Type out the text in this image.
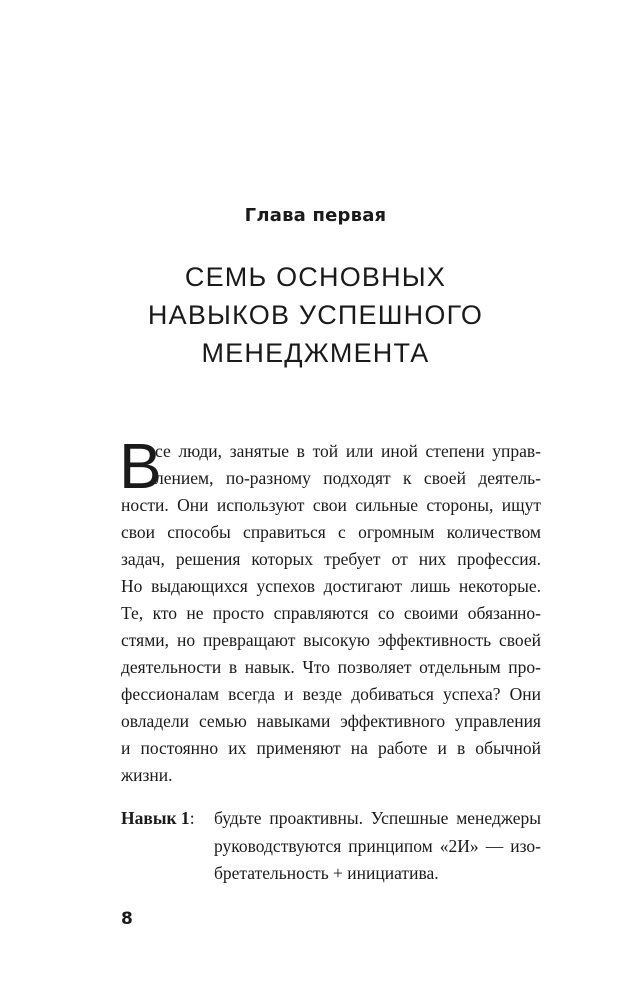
Глава первая
СЕМЬ ОСНОВНЫХ
НАВЫКОВ УСПЕШНОГО
МЕНЕДЖМЕНТА
В
се люди, занятые в той или иной степени управ-
лением, по-разному подходят к своей деятель-
ности. Они используют свои сильные стороны, ищут
свои способы справиться с огромным количеством
задач, решения которых требует от них профессия.
Но выдающихся успехов достигают лишь некоторые.
Те, кто не просто справляются со своими обязанно-
стями, но превращают высокую эффективность своей
деятельности в навык. Что позволяет отдельным про-
фессионалам всегда и везде добиваться успеха? Они
овладели семью навыками эффективного управления
и постоянно их применяют на работе и в обычной
жизни.
Навык 1: будьте проактивны. Успешные менеджеры
руководствуются принципом «2И» — изо-
бретательность + инициатива.
8
